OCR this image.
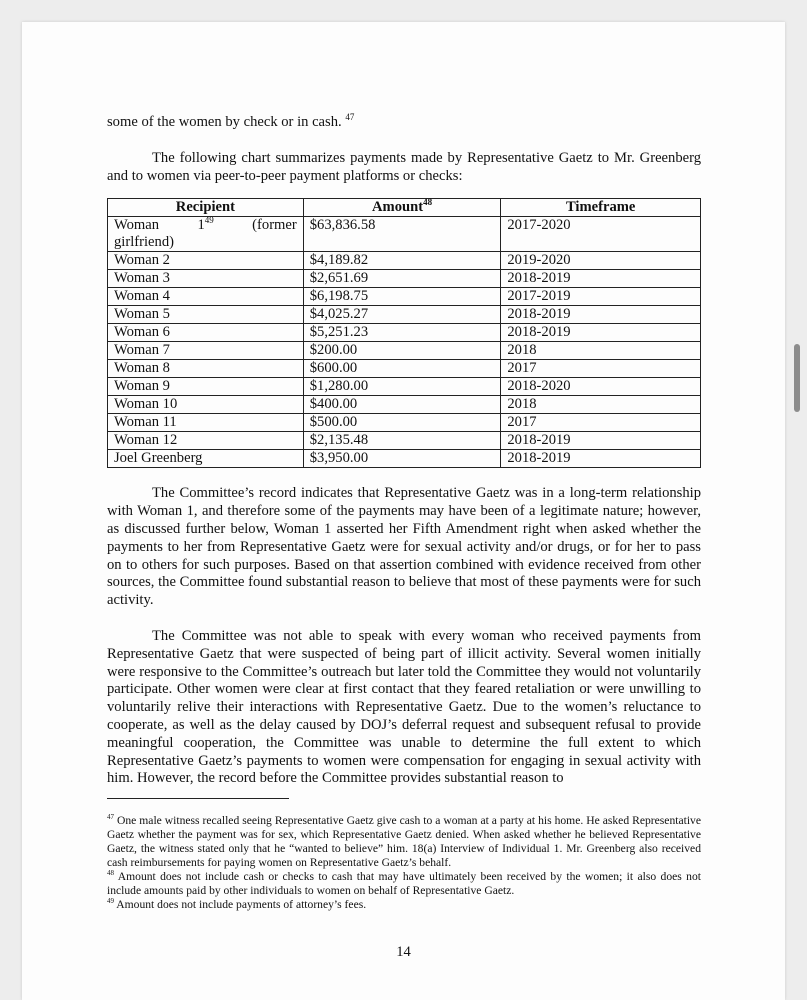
some of the women by check or in cash. $^{47}$

The following chart summarizes payments made by Representative Gaetz to Mr. Greenberg and to women via peer-to-peer payment platforms or checks:

Recipient	Amount$^{48}$	Timeframe

Woman $1^{49}$ (former
girlfriend)	$63,836.58	2017-2020
Woman 2	$4,189.82	2019-2020
Woman 3	$2,651.69	2018-2019
Woman 4	$6,198.75	2017-2019
Woman 5	$4,025.27	2018-2019
Woman 6	$5,251.23	2018-2019
Woman 7	$200.00	2018
Woman 8	$600.00	2017
Woman 9	$1,280.00	2018-2020
Woman 10	$400.00	2018
Woman 11	$500.00	2017
Woman 12	$2,135.48	2018-2019
Joel Greenberg	$3,950.00	2018-2019

The Committee’s record indicates that Representative Gaetz was in a long-term relationship with Woman 1, and therefore some of the payments may have been of a legitimate nature; however, as discussed further below, Woman 1 asserted her Fifth Amendment right when asked whether the payments to her from Representative Gaetz were for sexual activity and/or drugs, or for her to pass on to others for such purposes. Based on that assertion combined with evidence received from other sources, the Committee found substantial reason to believe that most of these payments were for such activity.

The Committee was not able to speak with every woman who received payments from Representative Gaetz that were suspected of being part of illicit activity. Several women initially were responsive to the Committee’s outreach but later told the Committee they would not voluntarily participate. Other women were clear at first contact that they feared retaliation or were unwilling to voluntarily relive their interactions with Representative Gaetz. Due to the women’s reluctance to cooperate, as well as the delay caused by DOJ’s deferral request and subsequent refusal to provide meaningful cooperation, the Committee was unable to determine the full extent to which Representative Gaetz’s payments to women were compensation for engaging in sexual activity with him. However, the record before the Committee provides substantial reason to

$^{47}$ One male witness recalled seeing Representative Gaetz give cash to a woman at a party at his home. He asked Representative Gaetz whether the payment was for sex, which Representative Gaetz denied. When asked whether he believed Representative Gaetz, the witness stated only that he “wanted to believe” him. 18(a) Interview of Individual 1. Mr. Greenberg also received cash reimbursements for paying women on Representative Gaetz’s behalf.

$^{48}$ Amount does not include cash or checks to cash that may have ultimately been received by the women; it also does not include amounts paid by other individuals to women on behalf of Representative Gaetz.

$^{49}$ Amount does not include payments of attorney’s fees.

14
